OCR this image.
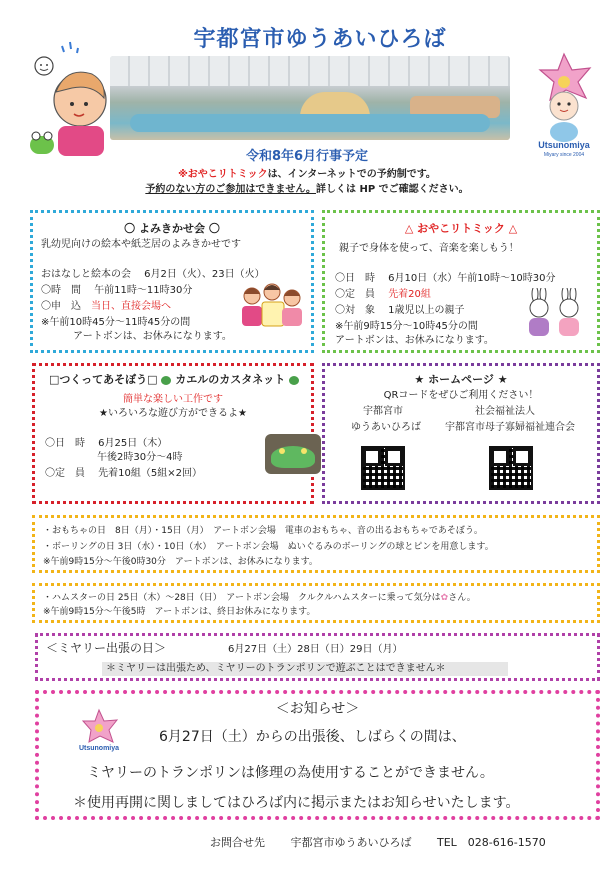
宇都宮市ゆうあいひろば
Utsunomiya
Miyary since 2004
令和8年6月行事予定
※おやこリトミックは、インターネットでの予約制です。
予約のない方のご参加はできません。詳しくは HP でご確認ください。
〇 よみきかせ会 〇
乳幼児向けの絵本や紙芝居のよみきかせです
おはなしと絵本の会　 6月2日（火）、23日（火）
〇時　間　 午前11時～11時30分
〇申　込　当日、直接会場へ
※午前10時45分～11時45分の間
アートボンは、お休みになります。
△ おやこリトミック △
親子で身体を使って、音楽を楽しもう！
〇日　時　 6月10日（水）午前10時～10時30分
〇定　員　 先着20組
〇対　象　 1歳児以上の親子
※午前9時15分～10時45分の間
アートボンは、お休みになります。
□つくってあそぼう□ カエルのカスタネット
簡単な楽しい工作です
★いろいろな遊び方ができるよ★
〇日　時　 6月25日（木）
午後2時30分～4時
〇定　員　 先着10組（5組×2回）
★ ホームページ ★
QRコードをぜひご利用ください！
宇都宮市
ゆうあいひろば
社会福祉法人
宇都宮市母子寡婦福祉連合会
・おもちゃの日　8日（月）・15日（月）　アートボン会場　電車のおもちゃ、音の出るおもちゃであそぼう。
・ボーリングの日 3日（水）・10日（水）　アートボン会場　ぬいぐるみのボーリングの球とピンを用意します。
※午前9時15分～午後0時30分　アートボンは、お休みになります。
・ハムスターの日 25日（木）～28日（日）　アートボン会場　クルクルハムスターに乗って気分は✿さん。
※午前9時15分～午後5時　アートボンは、終日お休みになります。
＜ミヤリー出張の日＞	6月27日（土）28日（日）29日（月）
＊ミヤリーは出張ため、ミヤリーのトランポリンで遊ぶことはできません＊
Utsunomiya
＜お知らせ＞
6月27日（土）からの出張後、しばらくの間は、
ミヤリーのトランポリンは修理の為使用することができません。
＊使用再開に関しましてはひろば内に掲示またはお知らせいたします。
お問合せ先　　 宇都宮市ゆうあいひろば　　 TEL　028-616-1570
